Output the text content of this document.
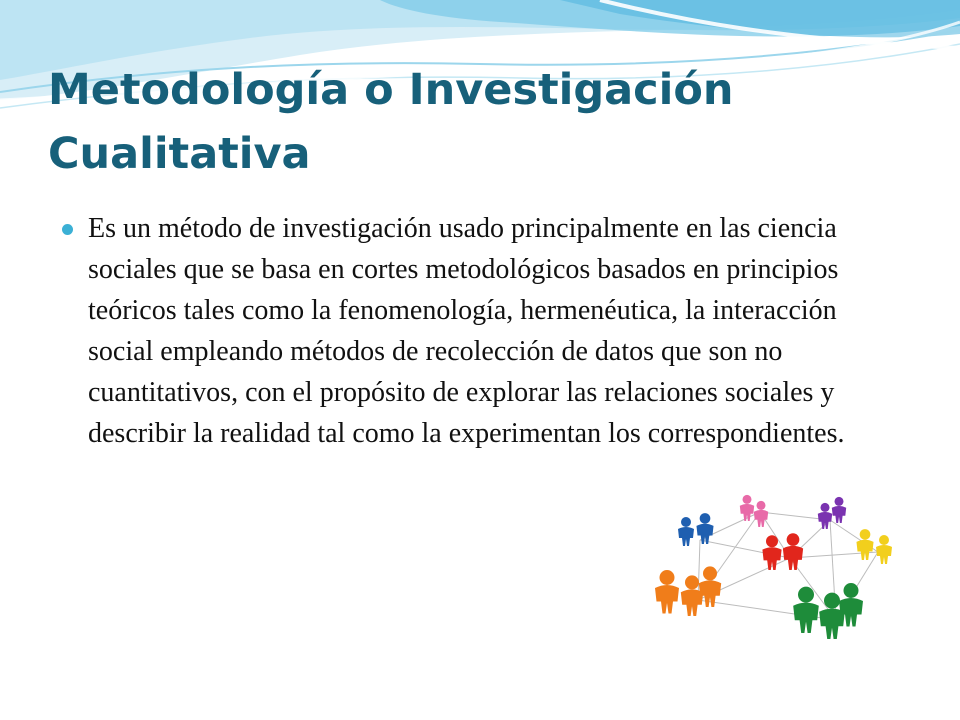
Metodología o Investigación Cualitativa
Es un método de investigación usado principalmente en las ciencia sociales que se basa en cortes metodológicos basados en principios teóricos tales como la fenomenología, hermenéutica, la interacción social empleando métodos de recolección de datos que son no cuantitativos, con el propósito de explorar las relaciones sociales y describir la realidad tal como la experimentan los correspondientes.
